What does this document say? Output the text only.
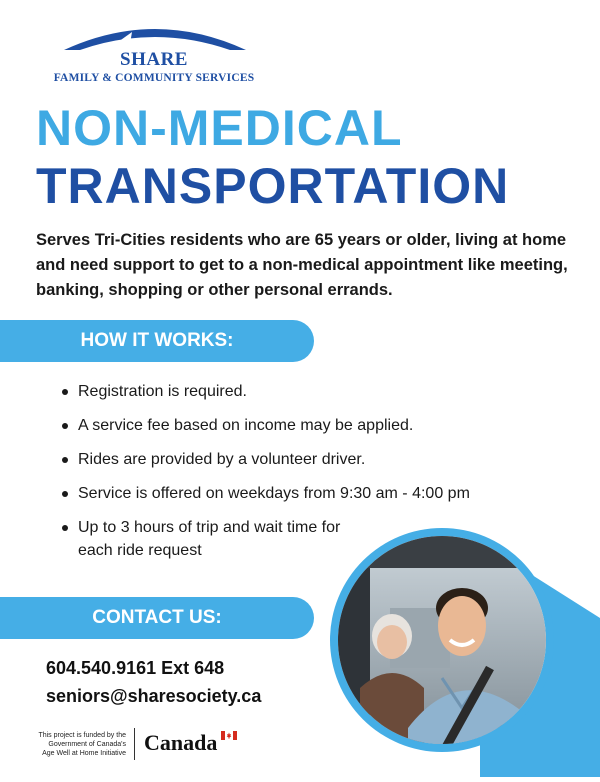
SHARE
FAMILY & COMMUNITY SERVICES
NON-MEDICAL
TRANSPORTATION
Serves Tri-Cities residents who are 65 years or older, living at home and need support to get to a non-medical appointment like meeting, banking, shopping or other personal errands.
HOW IT WORKS:
Registration is required.
A service fee based on income may be applied.
Rides are provided by a volunteer driver.
Service is offered on weekdays from 9:30 am - 4:00 pm
Up to 3 hours of trip and wait time for each ride request
CONTACT US:
604.540.9161 Ext 648
seniors@sharesociety.ca
This project is funded by the
Government of Canada's
Age Well at Home Initiative Canada
